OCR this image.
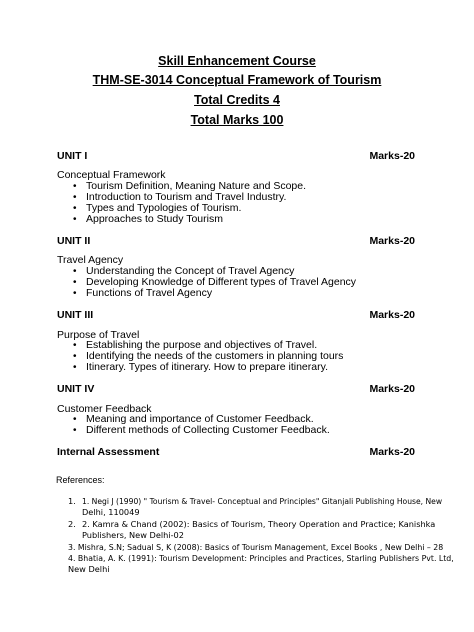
Skill Enhancement Course
THM-SE-3014 Conceptual Framework of Tourism
Total Credits 4
Total Marks 100
UNIT I	Marks-20
Conceptual Framework
• Tourism Definition, Meaning Nature and Scope.
• Introduction to Tourism and Travel Industry.
• Types and Typologies of Tourism.
• Approaches to Study Tourism
UNIT II	Marks-20
Travel Agency
• Understanding the Concept of Travel Agency
• Developing Knowledge of Different types of Travel Agency
• Functions of Travel Agency
UNIT III	Marks-20
Purpose of Travel
• Establishing the purpose and objectives of Travel.
• Identifying the needs of the customers in planning tours
• Itinerary. Types of itinerary. How to prepare itinerary.
UNIT IV	Marks-20
Customer Feedback
• Meaning and importance of Customer Feedback.
• Different methods of Collecting Customer Feedback.
Internal Assessment	Marks-20
References:
1. 1. Negi J (1990) " Tourism & Travel- Conceptual and Principles" Gitanjali Publishing House, New
Delhi, 110049
2. 2. Kamra & Chand (2002): Basics of Tourism, Theory Operation and Practice; Kanishka
Publishers, New Delhi-02
3. Mishra, S.N; Sadual S, K (2008): Basics of Tourism Management, Excel Books , New Delhi – 28
4. Bhatia, A. K. (1991): Tourism Development: Principles and Practices, Starling Publishers Pvt. Ltd,
New Delhi
